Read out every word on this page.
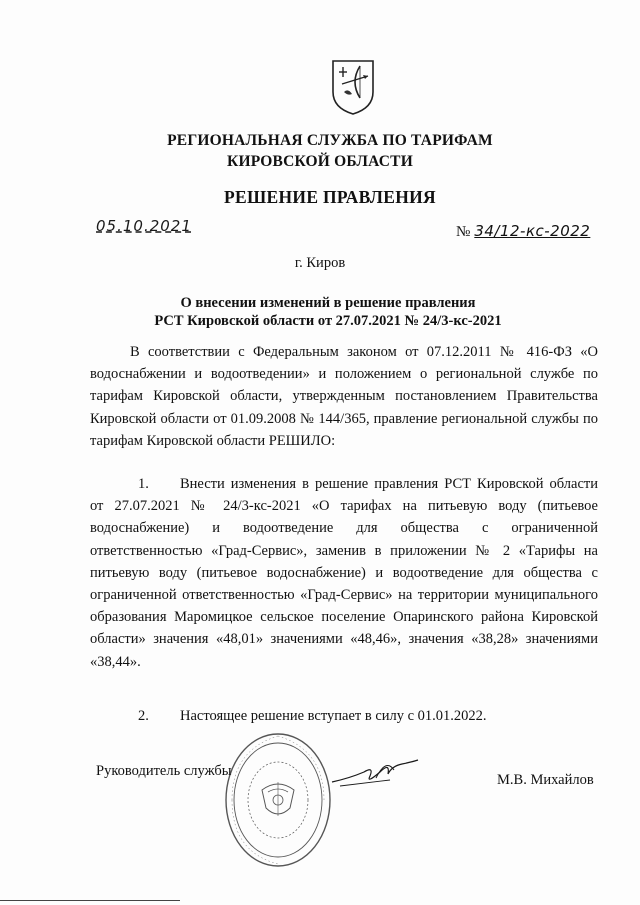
РЕГИОНАЛЬНАЯ СЛУЖБА ПО ТАРИФАМ
КИРОВСКОЙ ОБЛАСТИ
РЕШЕНИЕ ПРАВЛЕНИЯ
05.10.2021	№ 34/12-кс-2022
г. Киров
О внесении изменений в решение правления
РСТ Кировской области от 27.07.2021 № 24/3-кс-2021
В соответствии с Федеральным законом от 07.12.2011 № 416-ФЗ «О водоснабжении и водоотведении» и положением о региональной службе по тарифам Кировской области, утвержденным постановлением Правительства Кировской области от 01.09.2008 № 144/365, правление региональной службы по тарифам Кировской области РЕШИЛО:
1. Внести изменения в решение правления РСТ Кировской области от 27.07.2021 № 24/3-кс-2021 «О тарифах на питьевую воду (питьевое водоснабжение) и водоотведение для общества с ограниченной ответственностью «Град-Сервис», заменив в приложении № 2 «Тарифы на питьевую воду (питьевое водоснабжение) и водоотведение для общества с ограниченной ответственностью «Град-Сервис» на территории муниципального образования Маромицкое сельское поселение Опаринского района Кировской области» значения «48,01» значениями «48,46», значения «38,28» значениями «38,44».
2. Настоящее решение вступает в силу с 01.01.2022.
Руководитель службы
М.В. Михайлов
